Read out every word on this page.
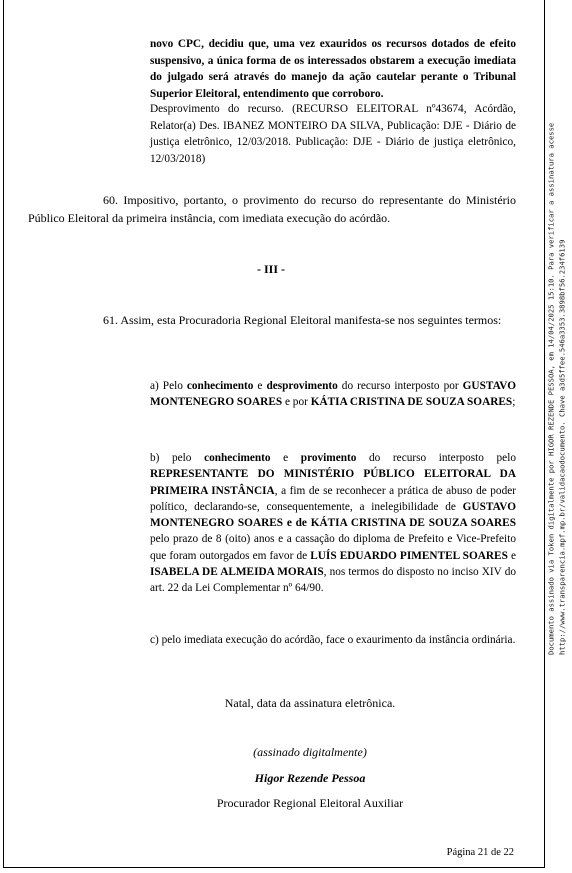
novo CPC, decidiu que, uma vez exauridos os recursos dotados de efeito suspensivo, a única forma de os interessados obstarem a execução imediata do julgado será através do manejo da ação cautelar perante o Tribunal Superior Eleitoral, entendimento que corroboro.
Desprovimento do recurso. (RECURSO ELEITORAL nº43674, Acórdão, Relator(a) Des. IBANEZ MONTEIRO DA SILVA, Publicação: DJE - Diário de justiça eletrônico, 12/03/2018. Publicação: DJE - Diário de justiça eletrônico, 12/03/2018)
60. Impositivo, portanto, o provimento do recurso do representante do Ministério Público Eleitoral da primeira instância, com imediata execução do acórdão.
- III -
61. Assim, esta Procuradoria Regional Eleitoral manifesta-se nos seguintes termos:
a) Pelo conhecimento e desprovimento do recurso interposto por GUSTAVO MONTENEGRO SOARES e por KÁTIA CRISTINA DE SOUZA SOARES;
b) pelo conhecimento e provimento do recurso interposto pelo REPRESENTANTE DO MINISTÉRIO PÚBLICO ELEITORAL DA PRIMEIRA INSTÂNCIA, a fim de se reconhecer a prática de abuso de poder político, declarando-se, consequentemente, a inelegibilidade de GUSTAVO MONTENEGRO SOARES e de KÁTIA CRISTINA DE SOUZA SOARES pelo prazo de 8 (oito) anos e a cassação do diploma de Prefeito e Vice-Prefeito que foram outorgados em favor de LUÍS EDUARDO PIMENTEL SOARES e ISABELA DE ALMEIDA MORAIS, nos termos do disposto no inciso XIV do art. 22 da Lei Complementar nº 64/90.
c) pelo imediata execução do acórdão, face o exaurimento da instância ordinária.
Natal, data da assinatura eletrônica.
(assinado digitalmente)
Higor Rezende Pessoa
Procurador Regional Eleitoral Auxiliar
Página 21 de 22
Documento assinado via Token digitalmente por HIGOR REZENDE PESSOA, em 14/04/2025 15:10. Para verificar a assinatura acesse http://www.transparencia.mpf.mp.br/validacaodocumento. Chave a3d5ffee.546a3353.3898bf56.234f6139
